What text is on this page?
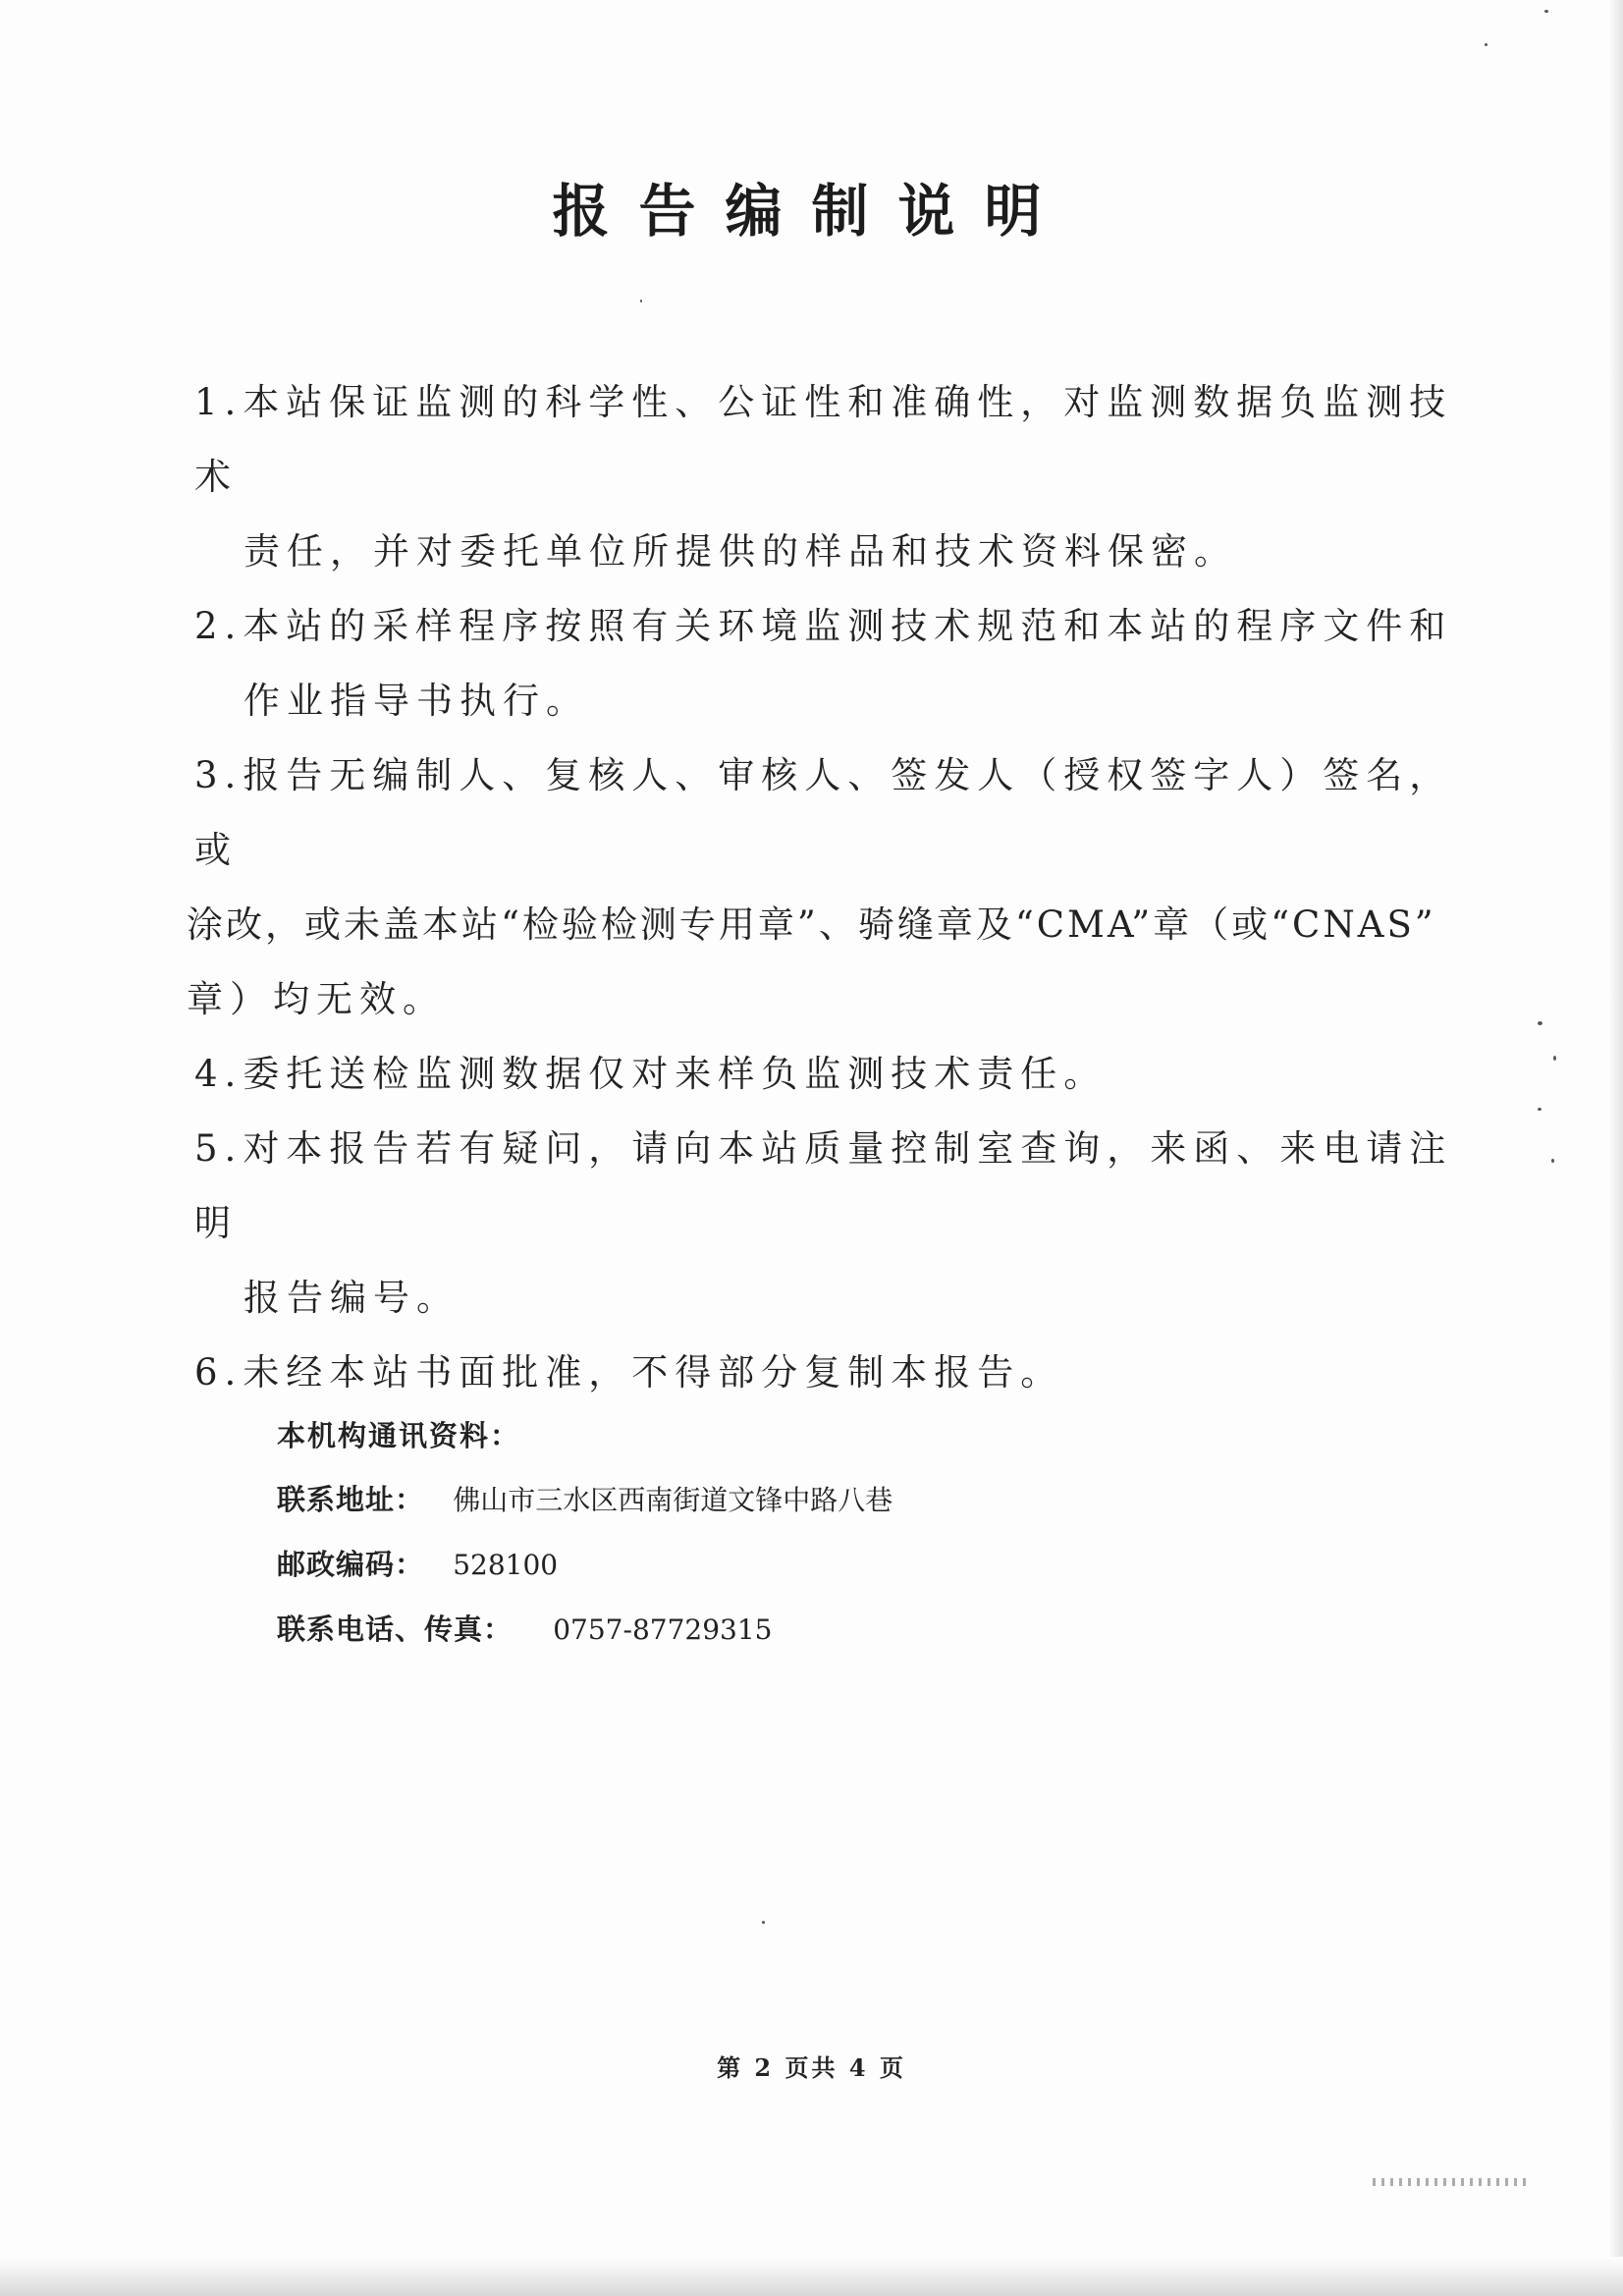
报告编制说明
1.本站保证监测的科学性、公证性和准确性，对监测数据负监测技术
责任，并对委托单位所提供的样品和技术资料保密。
2.本站的采样程序按照有关环境监测技术规范和本站的程序文件和
作业指导书执行。
3.报告无编制人、复核人、审核人、签发人（授权签字人）签名，或
涂改，或未盖本站“检验检测专用章”、骑缝章及“CMA”章（或“CNAS”
章）均无效。
4.委托送检监测数据仅对来样负监测技术责任。
5.对本报告若有疑问，请向本站质量控制室查询，来函、来电请注明
报告编号。
6.未经本站书面批准，不得部分复制本报告。
本机构通讯资料：
联系地址： 佛山市三水区西南街道文锋中路八巷
邮政编码： 528100
联系电话、传真： 0757-87729315
第 2 页共 4 页
